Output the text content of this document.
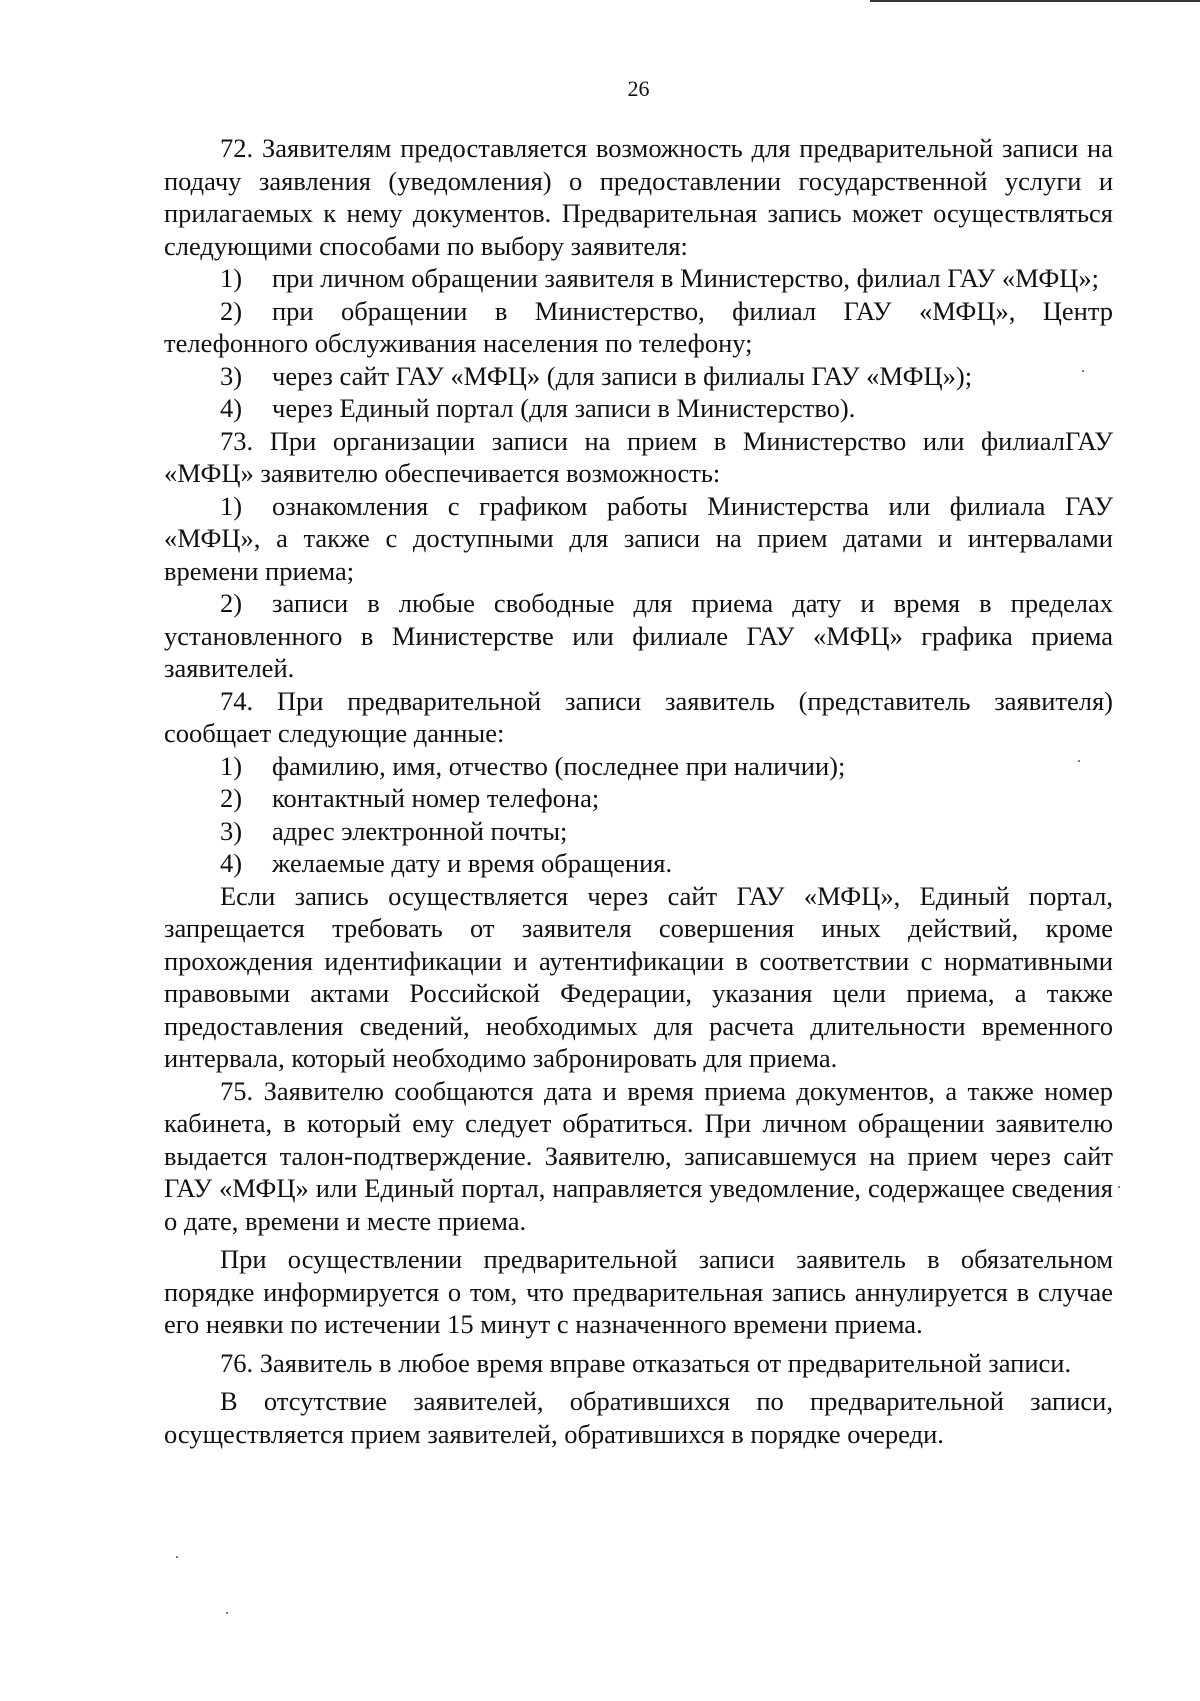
26
72. Заявителям предоставляется возможность для предварительной записи на подачу заявления (уведомления) о предоставлении государственной услуги и прилагаемых к нему документов. Предварительная запись может осуществляться следующими способами по выбору заявителя:
1) при личном обращении заявителя в Министерство, филиал ГАУ «МФЦ»;
2) при обращении в Министерство, филиал ГАУ «МФЦ», Центр телефонного обслуживания населения по телефону;
3) через сайт ГАУ «МФЦ» (для записи в филиалы ГАУ «МФЦ»);
4) через Единый портал (для записи в Министерство).
73. При организации записи на прием в Министерство или филиалГАУ «МФЦ» заявителю обеспечивается возможность:
1) ознакомления с графиком работы Министерства или филиала ГАУ «МФЦ», а также с доступными для записи на прием датами и интервалами времени приема;
2) записи в любые свободные для приема дату и время в пределах установленного в Министерстве или филиале ГАУ «МФЦ» графика приема заявителей.
74. При предварительной записи заявитель (представитель заявителя) сообщает следующие данные:
1) фамилию, имя, отчество (последнее при наличии);
2) контактный номер телефона;
3) адрес электронной почты;
4) желаемые дату и время обращения.
Если запись осуществляется через сайт ГАУ «МФЦ», Единый портал, запрещается требовать от заявителя совершения иных действий, кроме прохождения идентификации и аутентификации в соответствии с нормативными правовыми актами Российской Федерации, указания цели приема, а также предоставления сведений, необходимых для расчета длительности временного интервала, который необходимо забронировать для приема.
75. Заявителю сообщаются дата и время приема документов, а также номер кабинета, в который ему следует обратиться. При личном обращении заявителю выдается талон-подтверждение. Заявителю, записавшемуся на прием через сайт ГАУ «МФЦ» или Единый портал, направляется уведомление, содержащее сведения о дате, времени и месте приема.
При осуществлении предварительной записи заявитель в обязательном порядке информируется о том, что предварительная запись аннулируется в случае его неявки по истечении 15 минут с назначенного времени приема.
76. Заявитель в любое время вправе отказаться от предварительной записи.
В отсутствие заявителей, обратившихся по предварительной записи, осуществляется прием заявителей, обратившихся в порядке очереди.
